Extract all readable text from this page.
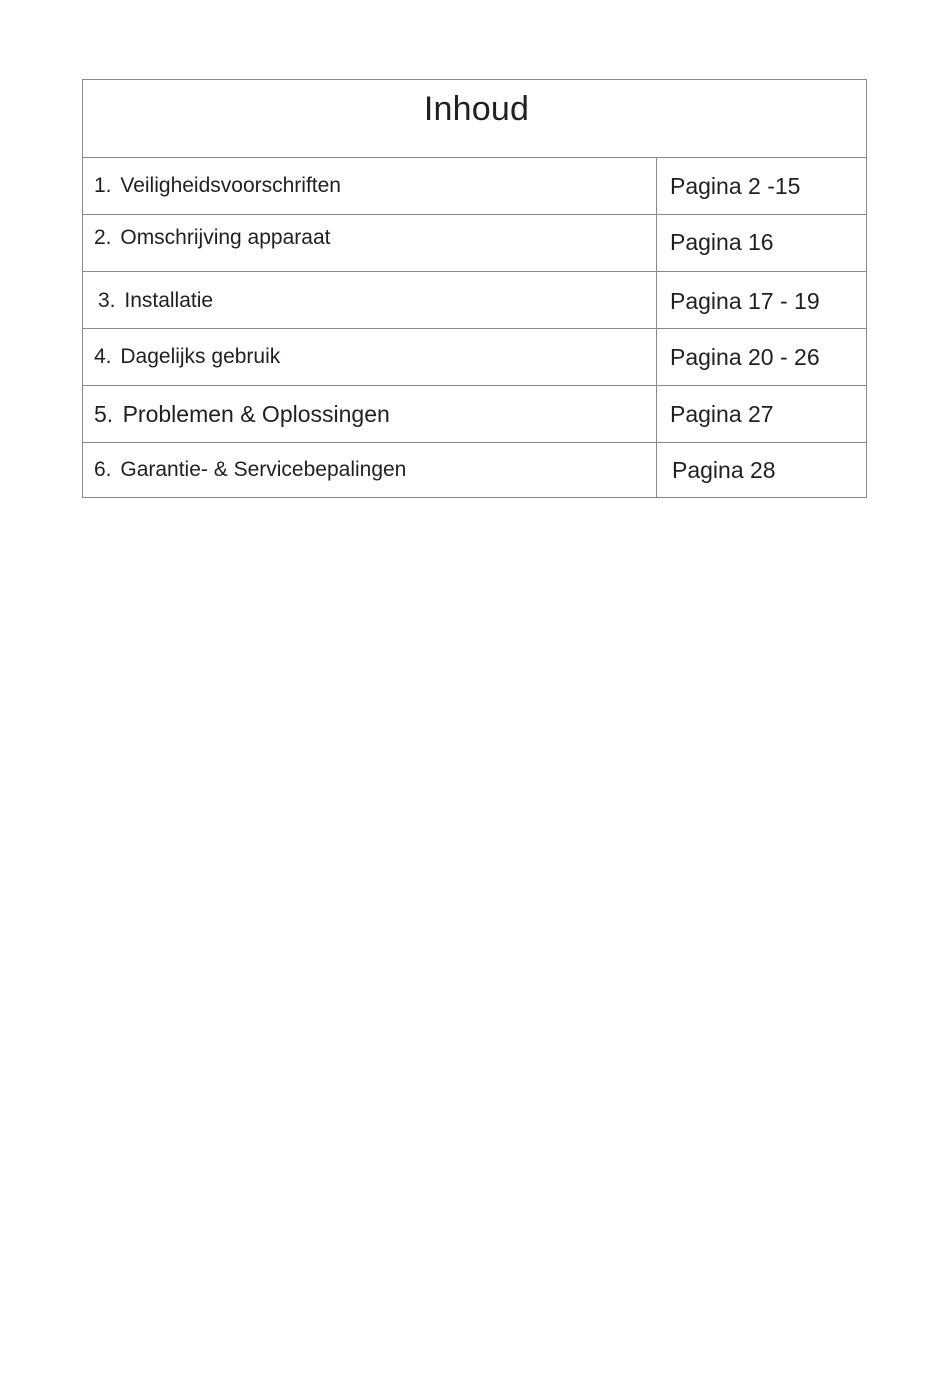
Inhoud
1. Veiligheidsvoorschriften	Pagina 2 -15
2. Omschrijving apparaat	Pagina 16
3. Installatie	Pagina 17 - 19
4. Dagelijks gebruik	Pagina 20 - 26
5. Problemen & Oplossingen	Pagina 27
6. Garantie- & Servicebepalingen	Pagina 28
